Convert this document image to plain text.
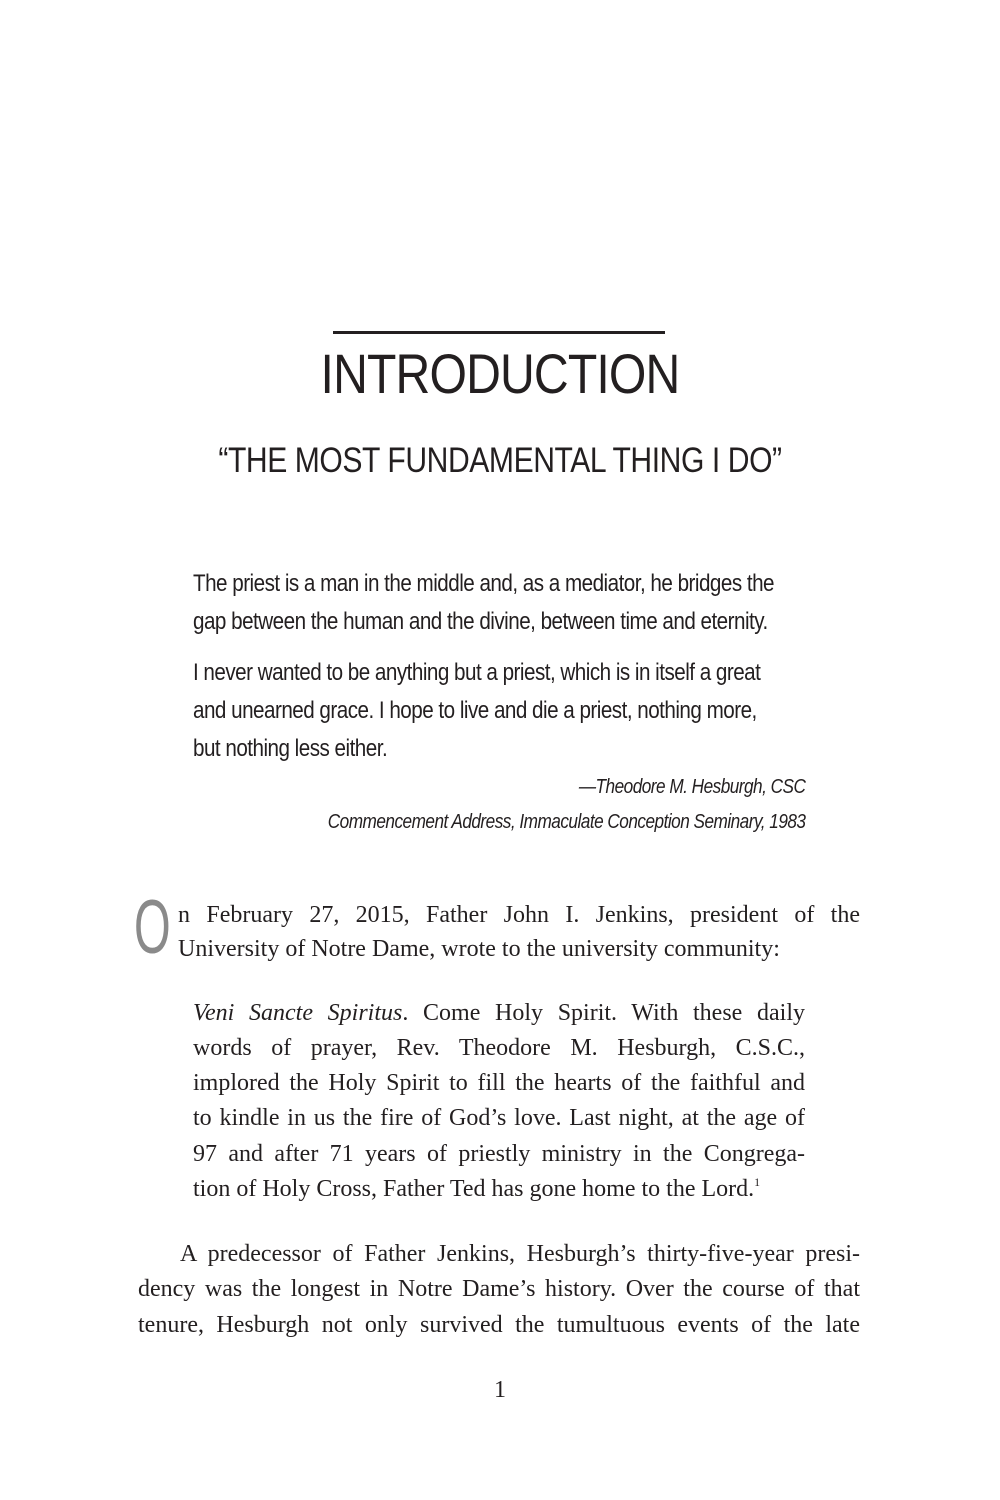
INTRODUCTION
“THE MOST FUNDAMENTAL THING I DO”
The priest is a man in the middle and, as a mediator, he bridges the
gap between the human and the divine, between time and eternity.
I never wanted to be anything but a priest, which is in itself a great
and unearned grace. I hope to live and die a priest, nothing more,
but nothing less either.
—Theodore M. Hesburgh, CSC
Commencement Address, Immaculate Conception Seminary, 1983
O n February 27, 2015, Father John I. Jenkins, president of the
University of Notre Dame, wrote to the university community:
Veni Sancte Spiritus. Come Holy Spirit. With these daily
words of prayer, Rev. Theodore M. Hesburgh, C.S.C.,
implored the Holy Spirit to fill the hearts of the faithful and
to kindle in us the fire of God’s love. Last night, at the age of
97 and after 71 years of priestly ministry in the Congrega-
tion of Holy Cross, Father Ted has gone home to the Lord.$^1$
A predecessor of Father Jenkins, Hesburgh’s thirty-five-year presi-
dency was the longest in Notre Dame’s history. Over the course of that
tenure, Hesburgh not only survived the tumultuous events of the late
1
